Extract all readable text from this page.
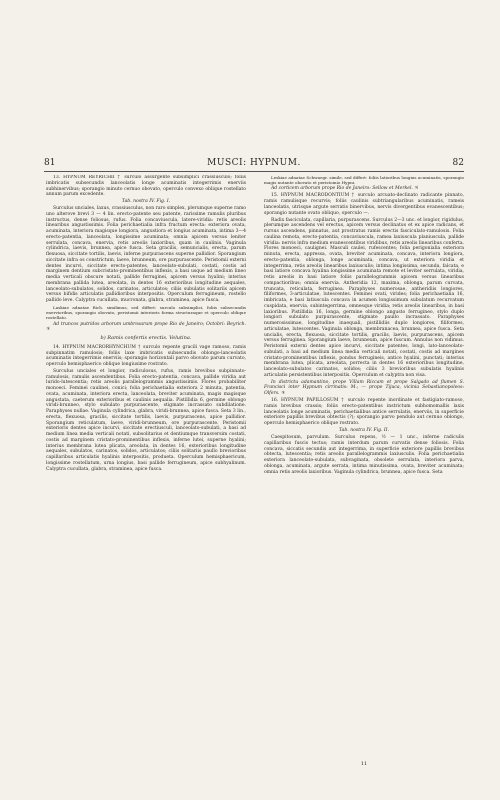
81	MUSCI: HYPNUM.	82

13. HYPNUM REYRICHII † surculo assurgente subsimplici crassiusculo; foliis imbricatis subsecundis lanceolatis longe acuminatis integerrimis enerviis subhinervibus; sporangio minuto cernuo obovato, operculo convexo oblique rostellato annum parum excedente.

Tab. nostra IV. Fig. I.

Surculus unciales, laxus, crassiusculus, non raro simplex, plerumque superne ramo uno alterove brevi 3 — 4 lin. erecto-patente seu patente, rarissime ramulis pluribus instructus, dense foliosus, rufus. Folia concaviuscula, latere-viridia: retis areolis linearibus angustissimis. Folia perichaetialia infra fructum erecta: exteriora ovata, acuminata, interiora magisque longiora, angustiora et longius acuminata, intima 3—4 erecto-patentia, lanceolata, longissime acuminata; omnia apicem versus leniter serrulata, concava, enervia, retis areolis laxioribus, quam in caulinis. Vaginula cylindrica, laevis, brunnea, apice fusca. Seta gracilis, semuncialis, erecta, parum flexuosa, siccitate tortilis, laevis, inferne purpurascens superne pallidior. Sporangium siccitate infra os constrictum, laeve, brunneum, ore purpurascente. Peristomii externi dentes incurvi, siccitate erecto-patentes, lanceolato-subulati, costati, costis ad marginem dentium subcristato-prominentibus inflexis, a basi usque ad medium lineo media verticali obscure notati, pallide ferruginei, apicem versus hyalini; interius membrana pallida lutea, areolata, in dentes 16 exterioribus longitudine aequales, lanceolato-subulatos, solidos, carinatos, articulatos; ciliis subulatis solitariis apicem versus bifidis articulatis pallidioribus interpositis. Operculum ferrugineum, rostello pallido leve. Calyptra cucullata, mucronata, glabra, straminea, apice fusca.

Laskiae adnatae Rich. similimus, sed differt: surculo subsimplici, foliis subsecundis enervioribus, sporangio obovato, peristomii interioris forma structuraque et operculo oblique rostellato.

Ad truncos putridos arborum umbrosarum prope Rio de Janeiro; Octobri: Beyrich. ♃

b) Ramis confertis erectis. Velutina.

14. HYPNUM MACRORHYNCHUM † surculo repente gracili vage ramoso, ramis subpinnatim ramulosis; foliis laxe imbricatis subsecundis oblongo-lanceolatis acuminatis integerrimis enerviis; sporangio horizontali parvo obovato parum curvato, operculo hemisphaerico oblique longiusime rostrato.

Surculus unciales et longior, radiculosus, rufus, ramis brevibus subpinnato-ramulosis, ramulis ascendentibus. Folia erecto-patentia, concava, pallide viridia aut lurido-lutescentia; retis areolis parallelogrammis angustissimis. Flores probabiliter monoeci. Feminei caulinei, conici; folia perichaetialia exteriora 2 minuta, patentia, ovata, acuminata, interiora erecta, lanceolata, breviter acuminata, magis magisque angustata, caeterum exterioribus et caulinis aequalia. Pistillidia 6, germine oblongo viridi-brunneo, stylo subulato purpurascente, stigmate incrassato subdilatione. Paraphyses nullae. Vaginula cylindrica, glabra, viridi-brunnea, apice fusca. Seta 3 lin., erecta, flexuosa, gracilis, siccitate tortilis, laevis, purpurascens, apice pallidior. Sporangium reticulatum, laeve, viridi-brunneum, ore purpurascente. Peristomii exterioris dentes apice incurvi, siccitate erectiusculi, lanceolato-subulati, a basi ad medium linea media verticali notati, subsolitarius et dentiumque transversim costati, costis ad marginem cristato-prominentibus inflexis, inferne lutei, superne hyalini; interius membrana lutea plicata, areolata, in dentes 16, exterioribus longitudine aequales, subulatos, carinatos, solidos, articulatos; ciliis solitariis paullo brevioribus capillaribus articulatis hyalinis interpositis, produeta. Operculum hemisphaericum, longissime rostellatum, urna longius, basi pallide ferrugineum, apice subhyalinum. Calyptra cucullata, glabra, straminea, apice fusca.

Leskiae adnatae Schwaegr. simile, sed differt: foliis latioribus longius acuminatis, sporangio magis nutante obovato et peristomio Hypni.

Ad corticem arborum prope Rio de Janeiro: Sellow et Merkel. ♃

15. HYPNUM MACRODONTIUM † surculo arcuato-declinato radicante pinnato, ramis ramulisque recurvis; foliis caulinis subtriangularibus acuminatis, rameis lanceolatis, utrisque argute serratis binervibus, nervis divergentibus evanescentibus; sporangio nutante ovato obliquo, operculo —.

Radix fasciculata, capillaria, purpurascens. Surculus 2—3 unc. et longior, rigidulus, plerumque ascendens vel erectus, apicem versus declinatus et ex apice radicans, et rursus ascendens, pinnatus, aut prostratus ramis erectis fasciculato-ramulosis. Folia caulina remota, erecto-patentia, concaviuscula, ramea laxiuscula planiuscula, pallide viridia: nervis infra medium evanescentibus viridibus, retis areolis linearibus conferta. Flores monoeci, caulignei. Masculi caulei, rufescentes; folia perigonialia exteriora minuta, erecta, appressa, ovata, breviter acuminata, concava, interiora longiora, erecto-patentia, oblonga, longe acuminata, concava, ut exteriora viridia et integerrima, retis areolis linearibus laxiusculis; intima longissima, secunda, falcata, e basi latiore concava hyalina longissime acuminata remote et leviter serrulata, viridia, retis areolis in basi latiore foliis parallelogrammis apicem versus linearibus compactioribus; omnia enervia. Antheridia 12, maxima, oblonga, parum curvata, truncata, reticulata, ferruginea. Paraphyses numerosae, antheridiis longiores, filiformes, 3-articulatae, lutescentes. Feminei ovati, virides; folia perichaetialia 16, imbricata, e basi latiuscula concava in acumen longissimum subulatum recurvatum cuspidata, enervia, subintegerrima, omnesque viridia; retis areolis linearibus, in basi laxioribus. Pistillidia 16, longa, germine oblongo angusto ferrugineo, stylo duplo longiori subulato purpurascente, stigmate paullo incrassato. Paraphyses numerosissimae, longitudine inaequali, pistillidiis duplo longiores, filiformes, articulatae, lutescentes. Vaginula oblonga, membranacea, brunnea, apice fusca. Seta uncialis, erecta, flexuosa, siccitate tortilis, gracilis, laevis, purpurascens, apicem versus ferruginea. Sporangium laeve, brunneum, apice fuscum. Annulus non vidimus. Peristomii externi dentes apice incurvi, siccitate patentes, longi, lato-lanceolato-subulati, a basi ad medium linea media verticali notati, costati, costis ad margines cristato-prominentibus inflexis, pondus ferrugineis, antice hyalini, punctati; interius membrana lutea, plicata, areolata, porrecta in dentes 16 exterioribus longitudine, lanceolato-subulatos carinatos, solidos; ciliis 3 brevioribus subulatis hyalinis articulatis persistentibus interpositis. Operculum et calyptra non visa.

In districtu adamantino, prope Villam Riccam et prope Salgado ad flumen S. Francisci inter Hypnum cirrinatis: M.; — prope Tijuca, vicinia Sebastianopoleos: Olfers. ♃

16. HYPNUM PAPILLOSUM † surculo repente inordinate et fastigiato-ramoso, ramis brevibus crassis; foliis erecto-patentibus instrictum subhomomallis laxis lanceolatis longe acuminatis, perichaetialibus antice serrulatis, enerviis, in superficie exteriore papillis brevibus obtectis (?); sporangio parvo pendulo aut cernuo oblongo, operculo hemisphaerico oblique rostrato.

Tab. nostra IV. Fig. II.

Caespitosum, parvulum. Surculus repens, ½ — 1 unc., inferne radiculis capillaribus fuscis tectus; ramis interdum parum curvatis dense foliosis. Folia concava, siccatis secundis aut integerrima, in superficie exteriore papillis brevibus obtecta, lutescentia; retis areolis parallelogrammis laxiusculis. Folia perichaetialia exteriora lanceolato-subulata, subvaginata, obsolete serrulata, interiora parva, oblonga, acuminata, argute serrata, intima minutissima, ovata, breviter acuminata; omnia retis areolis laxioribus. Vaginula cylindrica, brunnea, apice fusca. Seta

11
